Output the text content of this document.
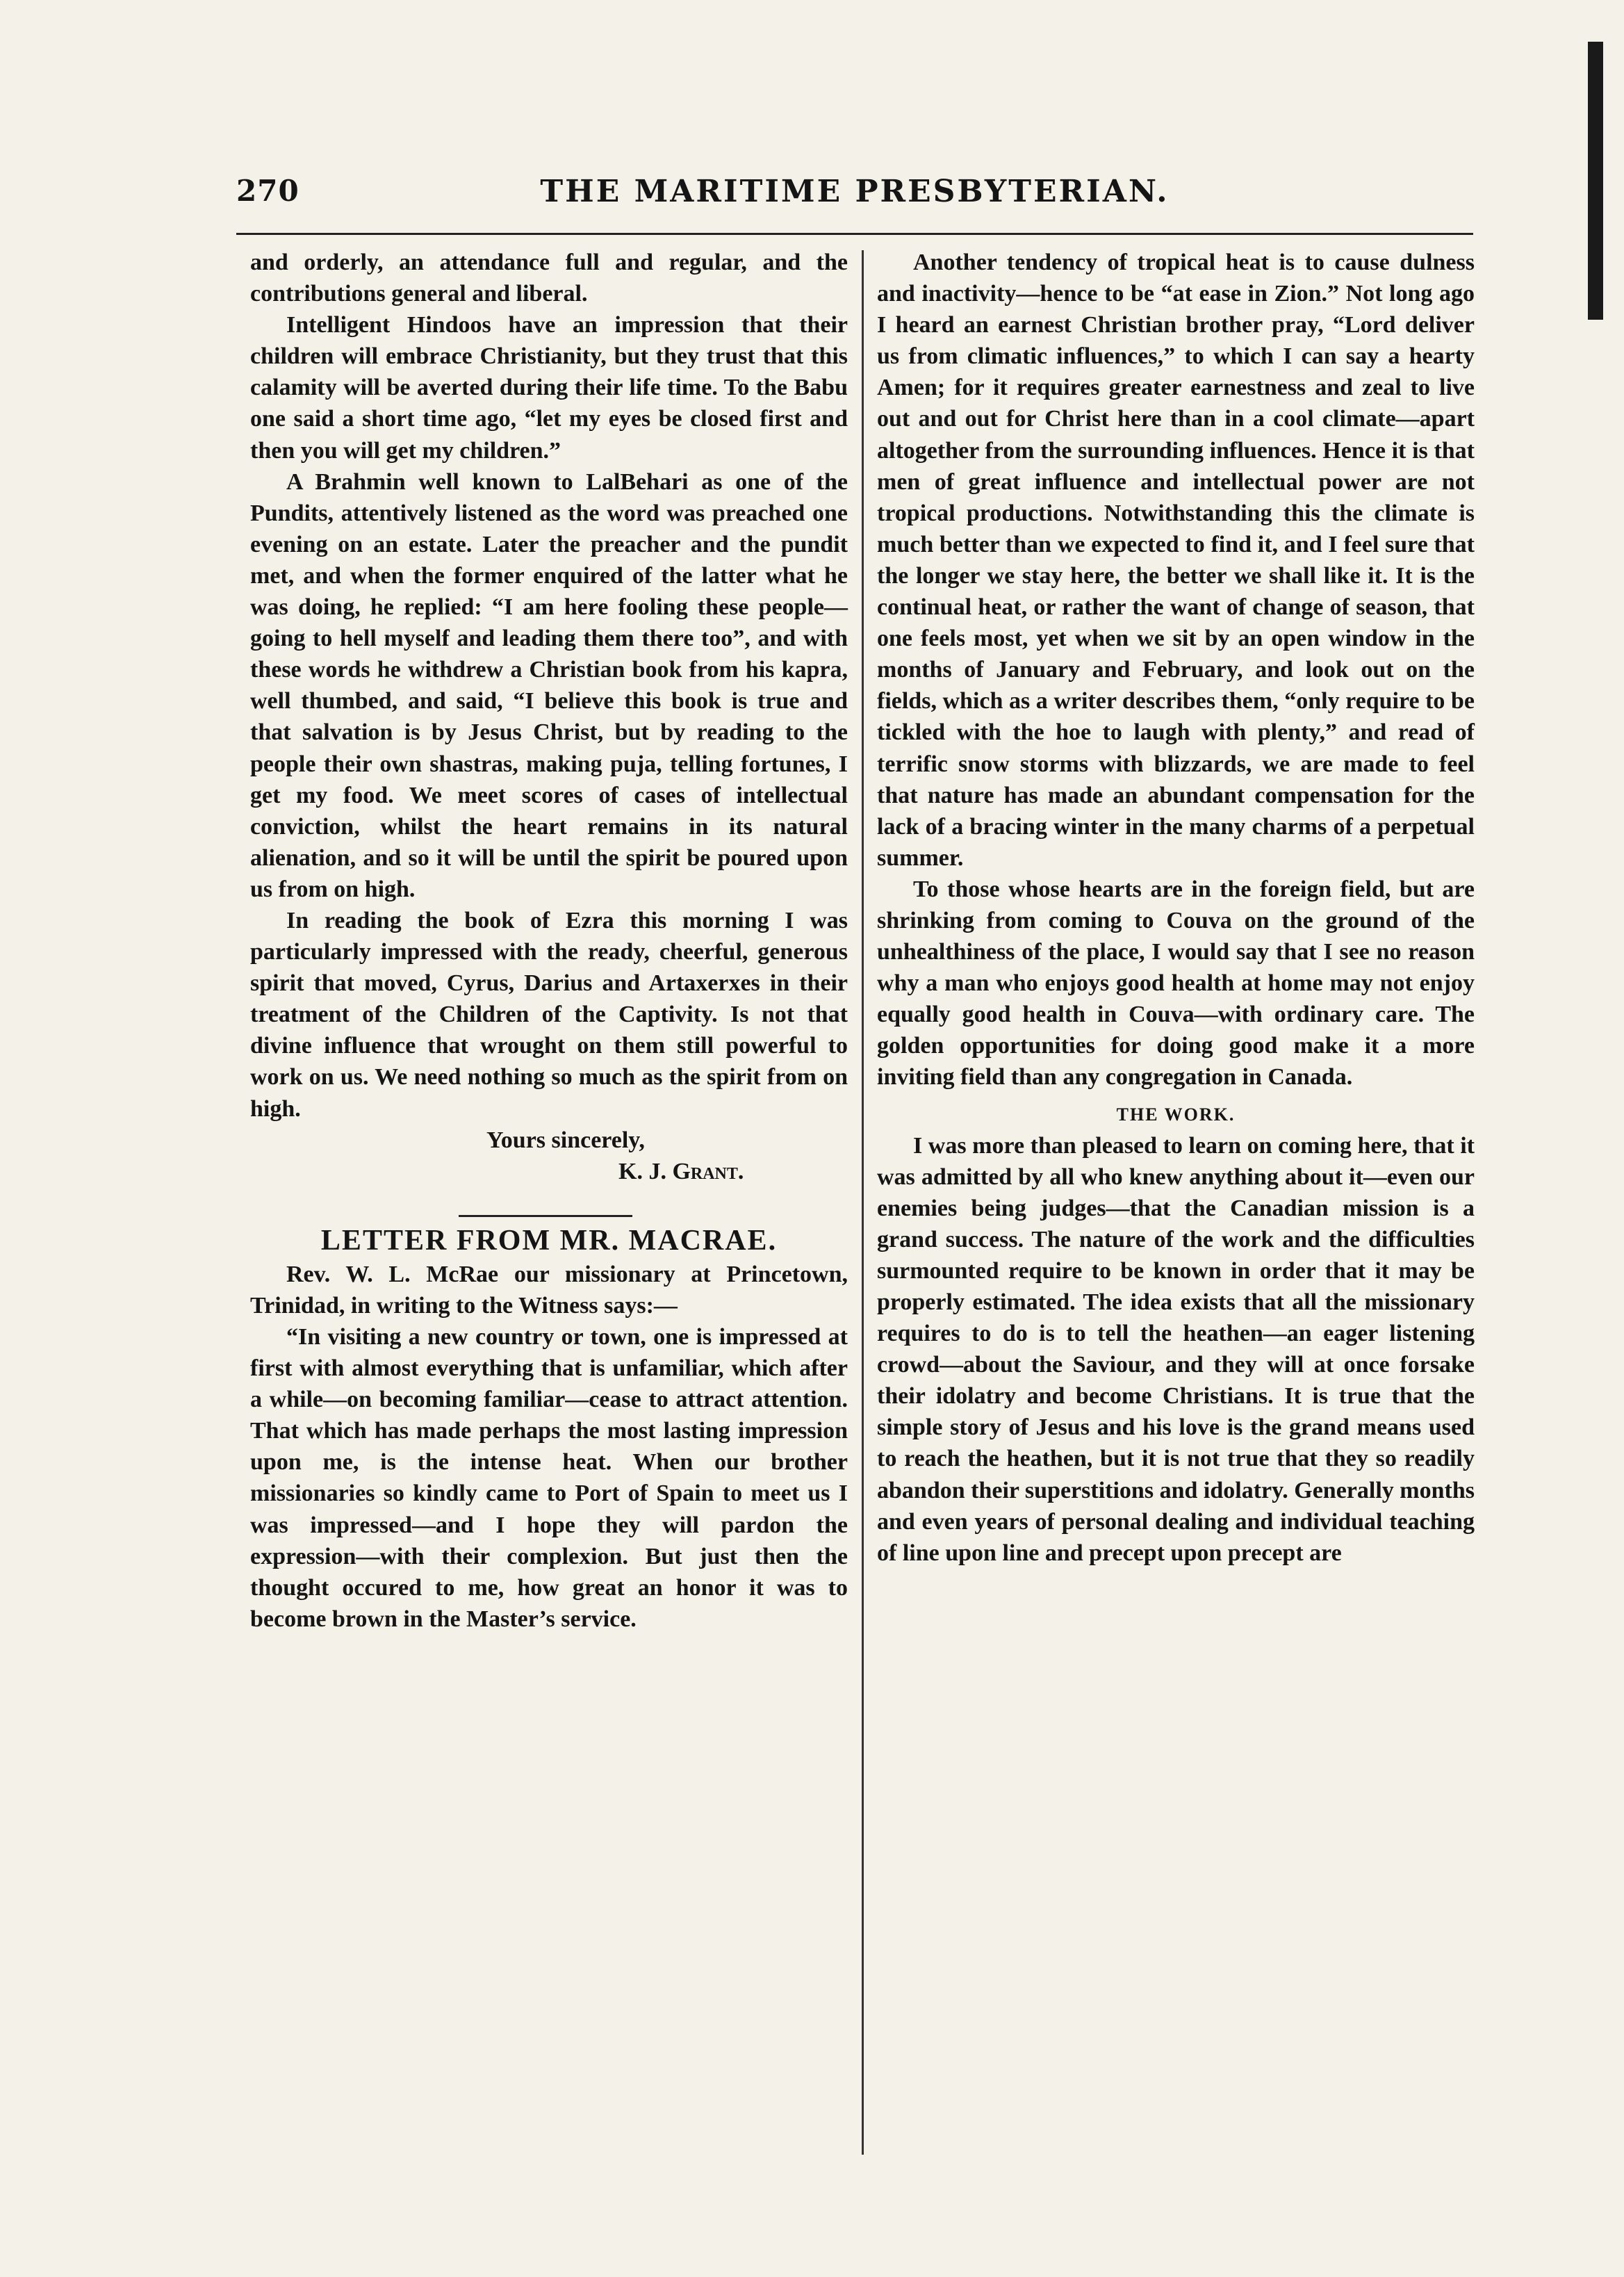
270	THE MARITIME PRESBYTERIAN.

and orderly, an attendance full and regular, and the contributions general and liberal.

Intelligent Hindoos have an impression that their children will embrace Christianity, but they trust that this calamity will be averted during their life time. To the Babu one said a short time ago, “let my eyes be closed first and then you will get my children.”

A Brahmin well known to LalBehari as one of the Pundits, attentively listened as the word was preached one evening on an estate. Later the preacher and the pundit met, and when the former enquired of the latter what he was doing, he replied: “I am here fooling these people—going to hell myself and leading them there too”, and with these words he withdrew a Christian book from his kapra, well thumbed, and said, “I believe this book is true and that salvation is by Jesus Christ, but by reading to the people their own shastras, making puja, telling fortunes, I get my food. We meet scores of cases of intellectual conviction, whilst the heart remains in its natural alienation, and so it will be until the spirit be poured upon us from on high.

In reading the book of Ezra this morning I was particularly impressed with the ready, cheerful, generous spirit that moved, Cyrus, Darius and Artaxerxes in their treatment of the Children of the Captivity. Is not that divine influence that wrought on them still powerful to work on us. We need nothing so much as the spirit from on high.

Yours sincerely,
K. J. Grant.
LETTER FROM MR. MACRAE.

Rev. W. L. McRae our missionary at Princetown, Trinidad, in writing to the Witness says:—

“In visiting a new country or town, one is impressed at first with almost everything that is unfamiliar, which after a while—on becoming familiar—cease to attract attention. That which has made perhaps the most lasting impression upon me, is the intense heat. When our brother missionaries so kindly came to Port of Spain to meet us I was impressed—and I hope they will pardon the expression—with their complexion. But just then the thought occured to me, how great an honor it was to become brown in the Master’s service.

Another tendency of tropical heat is to cause dulness and inactivity—hence to be “at ease in Zion.” Not long ago I heard an earnest Christian brother pray, “Lord deliver us from climatic influences,” to which I can say a hearty Amen; for it requires greater earnestness and zeal to live out and out for Christ here than in a cool climate—apart altogether from the surrounding influences. Hence it is that men of great influence and intellectual power are not tropical productions. Notwithstanding this the climate is much better than we expected to find it, and I feel sure that the longer we stay here, the better we shall like it. It is the continual heat, or rather the want of change of season, that one feels most, yet when we sit by an open window in the months of January and February, and look out on the fields, which as a writer describes them, “only require to be tickled with the hoe to laugh with plenty,” and read of terrific snow storms with blizzards, we are made to feel that nature has made an abundant compensation for the lack of a bracing winter in the many charms of a perpetual summer.

To those whose hearts are in the foreign field, but are shrinking from coming to Couva on the ground of the unhealthiness of the place, I would say that I see no reason why a man who enjoys good health at home may not enjoy equally good health in Couva—with ordinary care. The golden opportunities for doing good make it a more inviting field than any congregation in Canada.

THE WORK.

I was more than pleased to learn on coming here, that it was admitted by all who knew anything about it—even our enemies being judges—that the Canadian mission is a grand success. The nature of the work and the difficulties surmounted require to be known in order that it may be properly estimated. The idea exists that all the missionary requires to do is to tell the heathen—an eager listening crowd—about the Saviour, and they will at once forsake their idolatry and become Christians. It is true that the simple story of Jesus and his love is the grand means used to reach the heathen, but it is not true that they so readily abandon their superstitions and idolatry. Generally months and even years of personal dealing and individual teaching of line upon line and precept upon precept are
